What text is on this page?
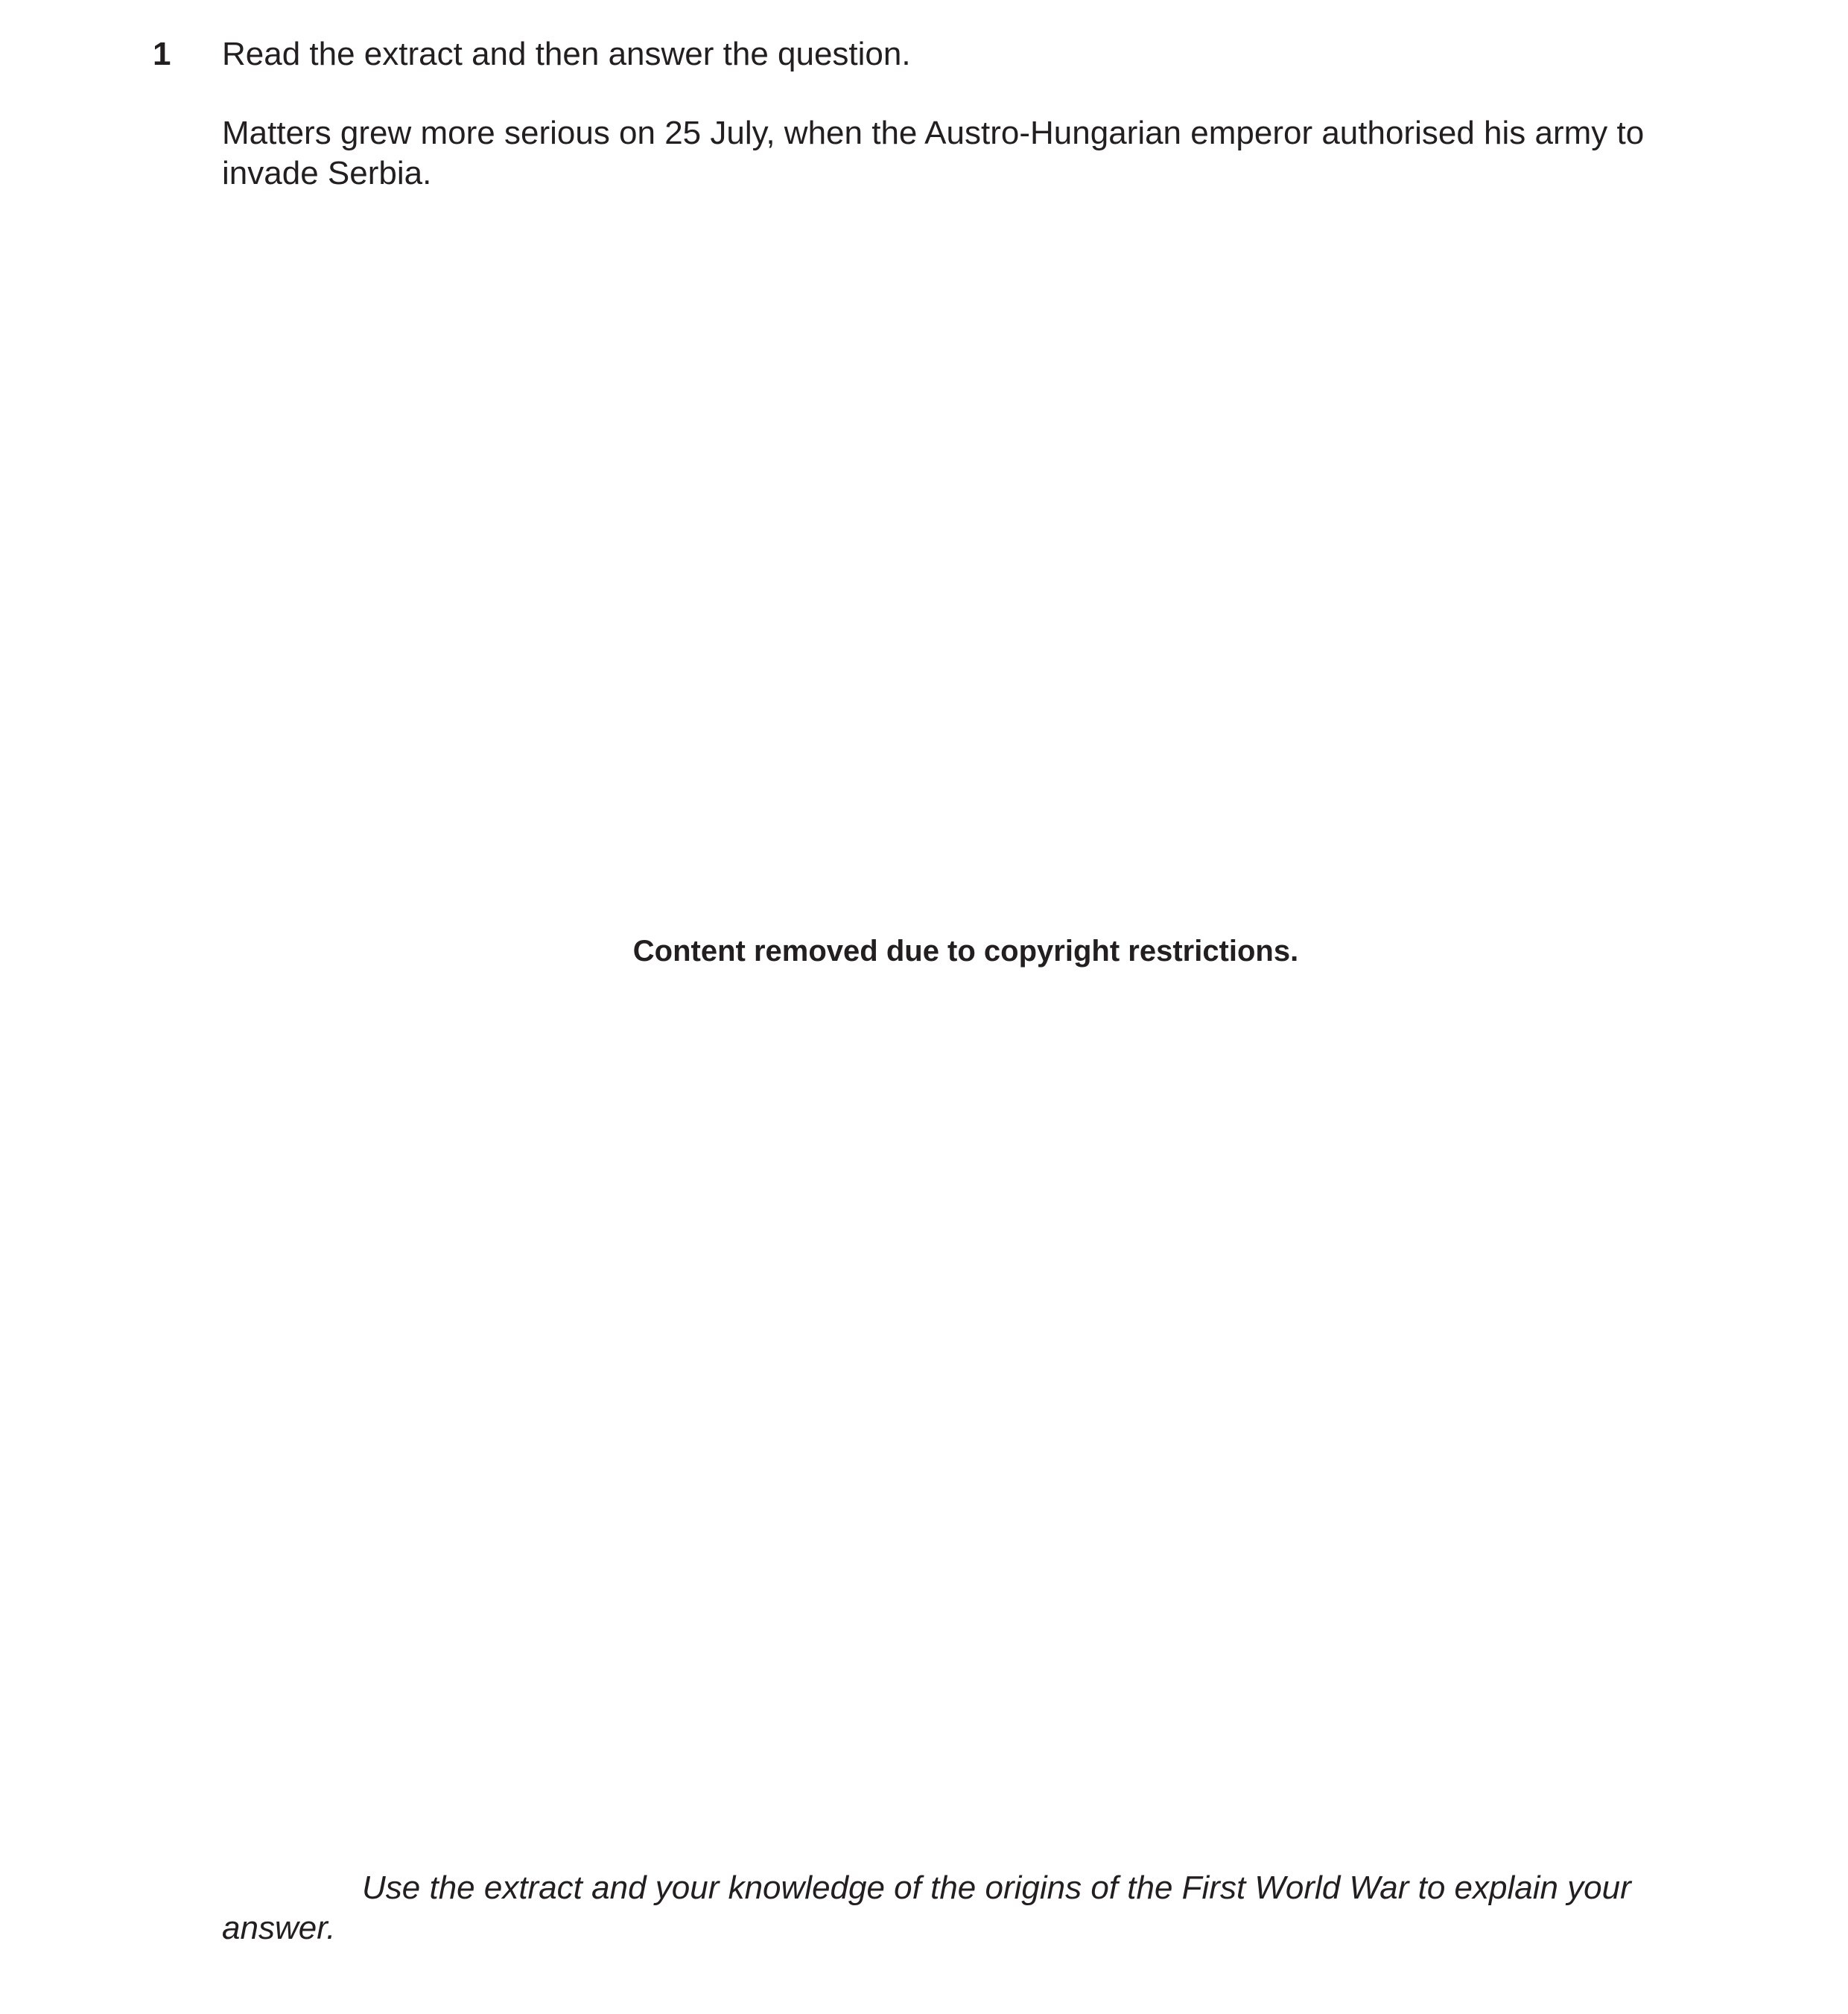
1 Read the extract and then answer the question.
Matters grew more serious on 25 July, when the Austro-Hungarian emperor authorised his army to
invade Serbia.
Content removed due to copyright restrictions.
Use the extract and your knowledge of the origins of the First World War to explain your
answer.
